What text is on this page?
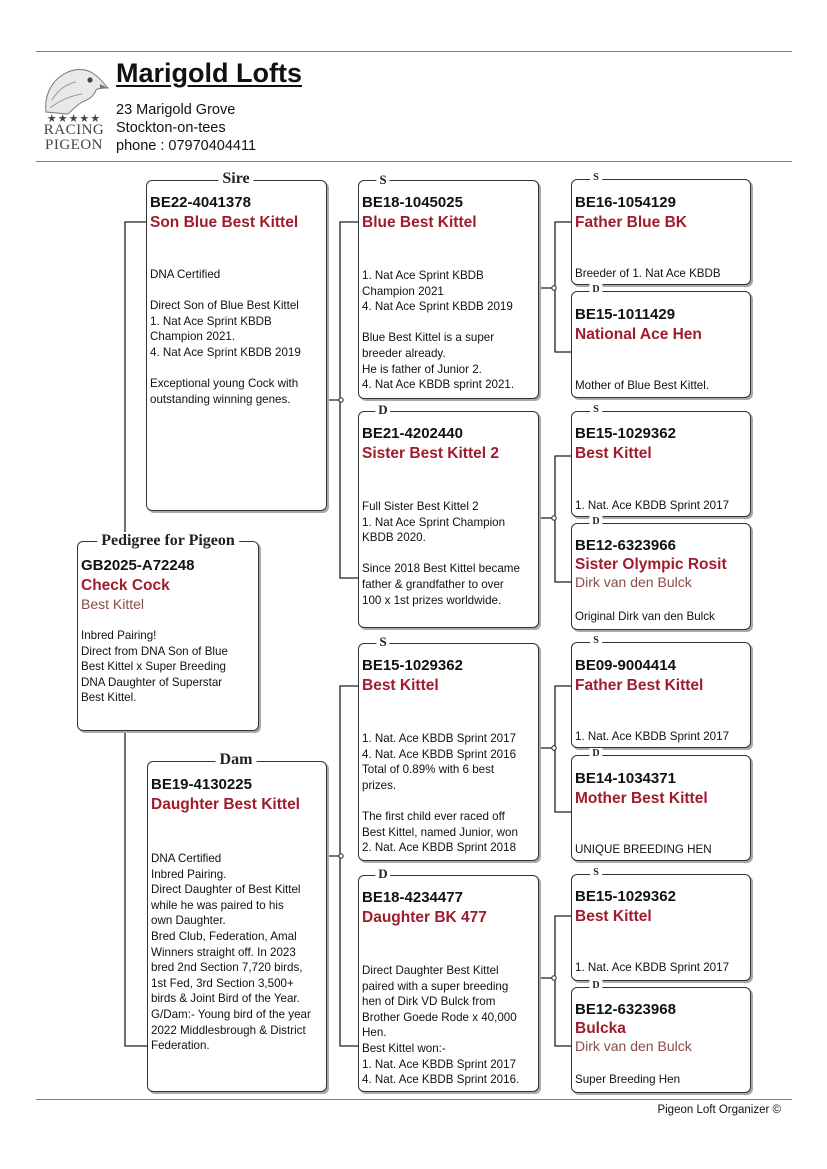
★★★★★
RACING
PIGEON
Marigold Lofts
23 Marigold Grove
Stockton-on-tees
phone : 07970404411
GB2025-A72248
Check Cock
Best Kittel
Inbred Pairing!
Direct from DNA Son of Blue
Best Kittel x Super Breeding
DNA Daughter of Superstar
Best Kittel.
Pedigree for Pigeon
BE22-4041378
Son Blue Best Kittel
DNA Certified
Direct Son of Blue Best Kittel
1. Nat Ace Sprint KBDB
Champion 2021.
4. Nat Ace Sprint KBDB 2019
Exceptional young Cock with
outstanding winning genes.
Sire
BE19-4130225
Daughter Best Kittel
DNA Certified
Inbred Pairing.
Direct Daughter of Best Kittel
while he was paired to his
own Daughter.
Bred Club, Federation, Amal
Winners straight off. In 2023
bred 2nd Section 7,720 birds,
1st Fed, 3rd Section 3,500+
birds & Joint Bird of the Year.
G/Dam:- Young bird of the year
2022 Middlesbrough & District
Federation.
Dam
BE18-1045025
Blue Best Kittel
1. Nat Ace Sprint KBDB
Champion 2021
4. Nat Ace Sprint KBDB 2019
Blue Best Kittel is a super
breeder already.
He is father of Junior 2.
4. Nat Ace KBDB sprint 2021.
S
BE21-4202440
Sister Best Kittel 2
Full Sister Best Kittel 2
1. Nat Ace Sprint Champion
KBDB 2020.
Since 2018 Best Kittel became
father & grandfather to over
100 x 1st prizes worldwide.
D
BE15-1029362
Best Kittel
1. Nat. Ace KBDB Sprint 2017
4. Nat. Ace KBDB Sprint 2016
Total of 0.89% with 6 best
prizes.
The first child ever raced off
Best Kittel, named Junior, won
2. Nat. Ace KBDB Sprint 2018
S
BE18-4234477
Daughter BK 477
Direct Daughter Best Kittel
paired with a super breeding
hen of Dirk VD Bulck from
Brother Goede Rode x 40,000
Hen.
Best Kittel won:-
1. Nat. Ace KBDB Sprint 2017
4. Nat. Ace KBDB Sprint 2016.
D
BE16-1054129
Father Blue BK
Breeder of 1. Nat Ace KBDB
S
BE15-1011429
National Ace Hen
Mother of Blue Best Kittel.
D
BE15-1029362
Best Kittel
1. Nat. Ace KBDB Sprint 2017
S
BE12-6323966
Sister Olympic Rosit
Dirk van den Bulck
Original Dirk van den Bulck
D
BE09-9004414
Father Best Kittel
1. Nat. Ace KBDB Sprint 2017
S
BE14-1034371
Mother Best Kittel
UNIQUE BREEDING HEN
D
BE15-1029362
Best Kittel
1. Nat. Ace KBDB Sprint 2017
S
BE12-6323968
Bulcka
Dirk van den Bulck
Super Breeding Hen
D
Pigeon Loft Organizer ©
